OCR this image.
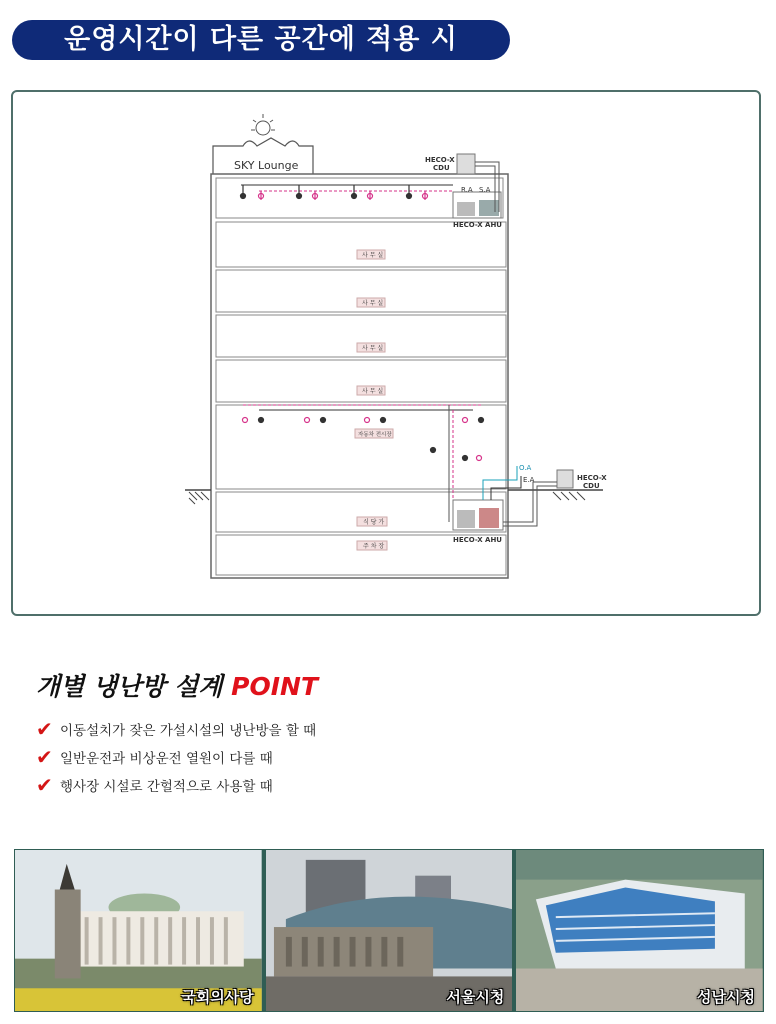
운영시간이 다른 공간에 적용 시
SKY Lounge
R.A S.A
HECO-X AHU
HECO-X
CDU
사 무 실
사 무 실
사 무 실
사 무 실
자동차 전시장
식 당 가
주 차 장
HECO-X AHU
O.A
E.A	HECO-X
CDU
개별 냉난방 설계 POINT
✔ 이동설치가 잦은 가설시설의 냉난방을 할 때
✔ 일반운전과 비상운전 열원이 다를 때
✔ 행사장 시설로 간헐적으로 사용할 때
국회의사당	서울시청	성남시청
